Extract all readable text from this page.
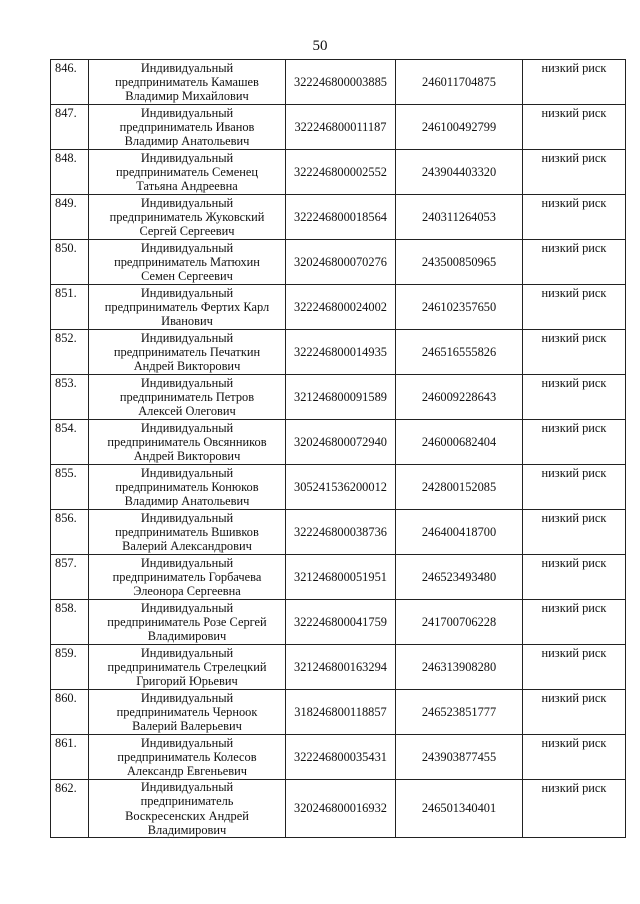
50
846.	Индивидуальный
предприниматель Камашев
Владимир Михайлович	322246800003885	246011704875	низкий риск
847.	Индивидуальный
предприниматель Иванов
Владимир Анатольевич	322246800011187	246100492799	низкий риск
848.	Индивидуальный
предприниматель Семенец
Татьяна Андреевна	322246800002552	243904403320	низкий риск
849.	Индивидуальный
предприниматель Жуковский
Сергей Сергеевич	322246800018564	240311264053	низкий риск
850.	Индивидуальный
предприниматель Матюхин
Семен Сергеевич	320246800070276	243500850965	низкий риск
851.	Индивидуальный
предприниматель Фертих Карл
Иванович	322246800024002	246102357650	низкий риск
852.	Индивидуальный
предприниматель Печаткин
Андрей Викторович	322246800014935	246516555826	низкий риск
853.	Индивидуальный
предприниматель Петров
Алексей Олегович	321246800091589	246009228643	низкий риск
854.	Индивидуальный
предприниматель Овсянников
Андрей Викторович	320246800072940	246000682404	низкий риск
855.	Индивидуальный
предприниматель Конюков
Владимир Анатольевич	305241536200012	242800152085	низкий риск
856.	Индивидуальный
предприниматель Вшивков
Валерий Александрович	322246800038736	246400418700	низкий риск
857.	Индивидуальный
предприниматель Горбачева
Элеонора Сергеевна	321246800051951	246523493480	низкий риск
858.	Индивидуальный
предприниматель Розе Сергей
Владимирович	322246800041759	241700706228	низкий риск
859.	Индивидуальный
предприниматель Стрелецкий
Григорий Юрьевич	321246800163294	246313908280	низкий риск
860.	Индивидуальный
предприниматель Черноок
Валерий Валерьевич	318246800118857	246523851777	низкий риск
861.	Индивидуальный
предприниматель Колесов
Александр Евгеньевич	322246800035431	243903877455	низкий риск
862.	Индивидуальный
предприниматель
Воскресенских Андрей
Владимирович	320246800016932	246501340401	низкий риск
